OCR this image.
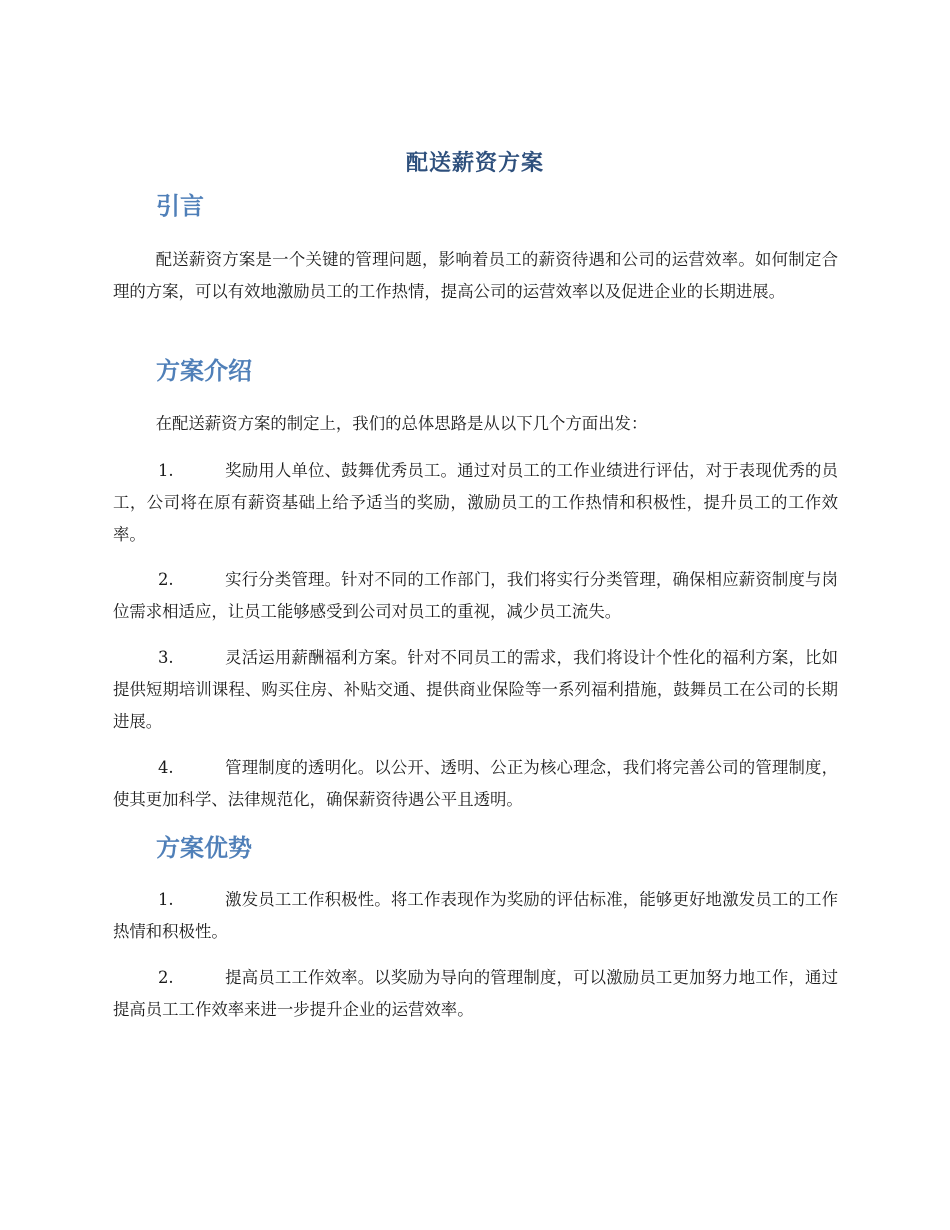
配送薪资方案
引言

配送薪资方案是一个关键的管理问题，影响着员工的薪资待遇和公司的运营效率。如何制定合理的方案，可以有效地激励员工的工作热情，提高公司的运营效率以及促进企业的长期进展。

方案介绍

在配送薪资方案的制定上，我们的总体思路是从以下几个方面出发：

1.	奖励用人单位、鼓舞优秀员工。通过对员工的工作业绩进行评估，对于表现优秀的员工，公司将在原有薪资基础上给予适当的奖励，激励员工的工作热情和积极性，提升员工的工作效率。

2.	实行分类管理。针对不同的工作部门，我们将实行分类管理，确保相应薪资制度与岗位需求相适应，让员工能够感受到公司对员工的重视，减少员工流失。

3.	灵活运用薪酬福利方案。针对不同员工的需求，我们将设计个性化的福利方案，比如提供短期培训课程、购买住房、补贴交通、提供商业保险等一系列福利措施，鼓舞员工在公司的长期进展。

4.	管理制度的透明化。以公开、透明、公正为核心理念，我们将完善公司的管理制度，使其更加科学、法律规范化，确保薪资待遇公平且透明。

方案优势

1.	激发员工工作积极性。将工作表现作为奖励的评估标准，能够更好地激发员工的工作热情和积极性。

2.	提高员工工作效率。以奖励为导向的管理制度，可以激励员工更加努力地工作，通过提高员工工作效率来进一步提升企业的运营效率。
